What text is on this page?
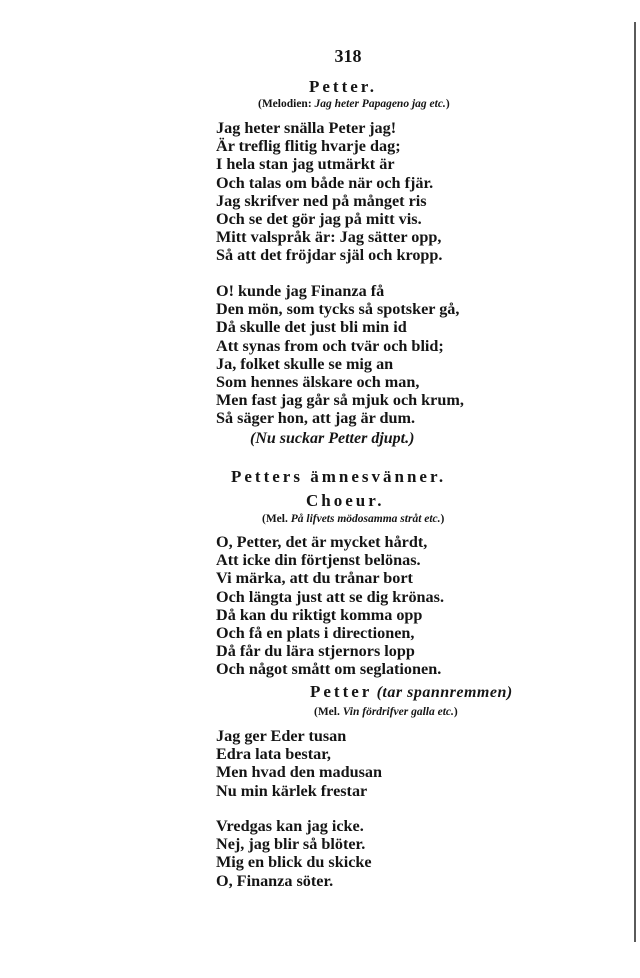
318
Petter.
(Melodien: Jag heter Papageno jag etc.)
Jag heter snälla Peter jag!
Är treflig flitig hvarje dag;
I hela stan jag utmärkt är
Och talas om både när och fjär.
Jag skrifver ned på månget ris
Och se det gör jag på mitt vis.
Mitt valspråk är: Jag sätter opp,
Så att det fröjdar själ och kropp.
O! kunde jag Finanza få
Den mön, som tycks så spotsker gå,
Då skulle det just bli min id
Att synas from och tvär och blid;
Ja, folket skulle se mig an
Som hennes älskare och man,
Men fast jag går så mjuk och krum,
Så säger hon, att jag är dum.
(Nu suckar Petter djupt.)
Petters ämnesvänner.
Choeur.
(Mel. På lifvets mödosamma stråt etc.)
O, Petter, det är mycket hårdt,
Att icke din förtjenst belönas.
Vi märka, att du trånar bort
Och längta just att se dig krönas.
Då kan du riktigt komma opp
Och få en plats i directionen,
Då får du lära stjernors lopp
Och något smått om seglationen.
Petter (tar spannremmen)
(Mel. Vin fördrifver galla etc.)
Jag ger Eder tusan
Edra lata bestar,
Men hvad den madusan
Nu min kärlek frestar
Vredgas kan jag icke.
Nej, jag blir så blöter.
Mig en blick du skicke
O, Finanza söter.
